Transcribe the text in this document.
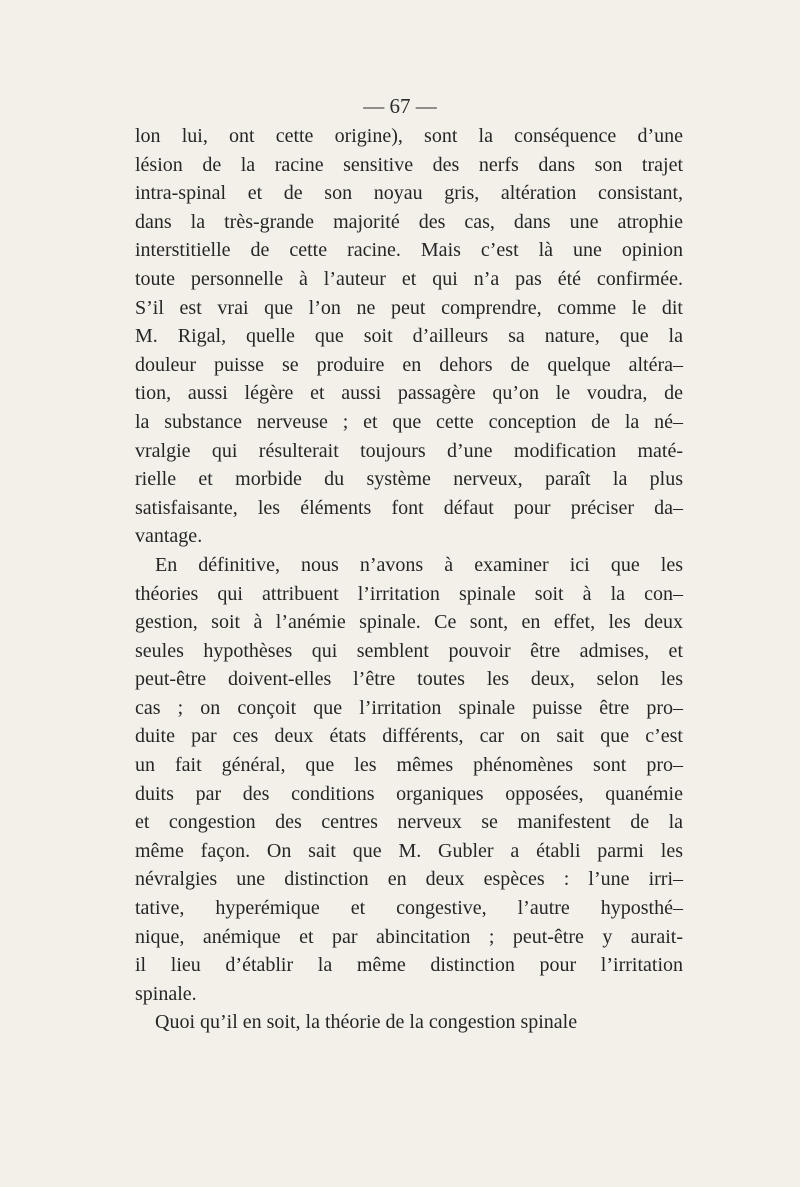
— 67 —
lon lui, ont cette origine), sont la conséquence d’une
lésion de la racine sensitive des nerfs dans son trajet
intra-spinal et de son noyau gris, altération consistant,
dans la très-grande majorité des cas, dans une atrophie
interstitielle de cette racine. Mais c’est là une opinion
toute personnelle à l’auteur et qui n’a pas été confirmée.
S’il est vrai que l’on ne peut comprendre, comme le dit
M. Rigal, quelle que soit d’ailleurs sa nature, que la
douleur puisse se produire en dehors de quelque altéra–
tion, aussi légère et aussi passagère qu’on le voudra, de
la substance nerveuse ; et que cette conception de la né–
vralgie qui résulterait toujours d’une modification maté-
rielle et morbide du système nerveux, paraît la plus
satisfaisante, les éléments font défaut pour préciser da–
vantage.
En définitive, nous n’avons à examiner ici que les
théories qui attribuent l’irritation spinale soit à la con–
gestion, soit à l’anémie spinale. Ce sont, en effet, les deux
seules hypothèses qui semblent pouvoir être admises, et
peut-être doivent-elles l’être toutes les deux, selon les
cas ; on conçoit que l’irritation spinale puisse être pro–
duite par ces deux états différents, car on sait que c’est
un fait général, que les mêmes phénomènes sont pro–
duits par des conditions organiques opposées, quanémie
et congestion des centres nerveux se manifestent de la
même façon. On sait que M. Gubler a établi parmi les
névralgies une distinction en deux espèces : l’une irri–
tative, hyperémique et congestive, l’autre hyposthé–
nique, anémique et par abincitation ; peut-être y aurait-
il lieu d’établir la même distinction pour l’irritation
spinale.
Quoi qu’il en soit, la théorie de la congestion spinale
